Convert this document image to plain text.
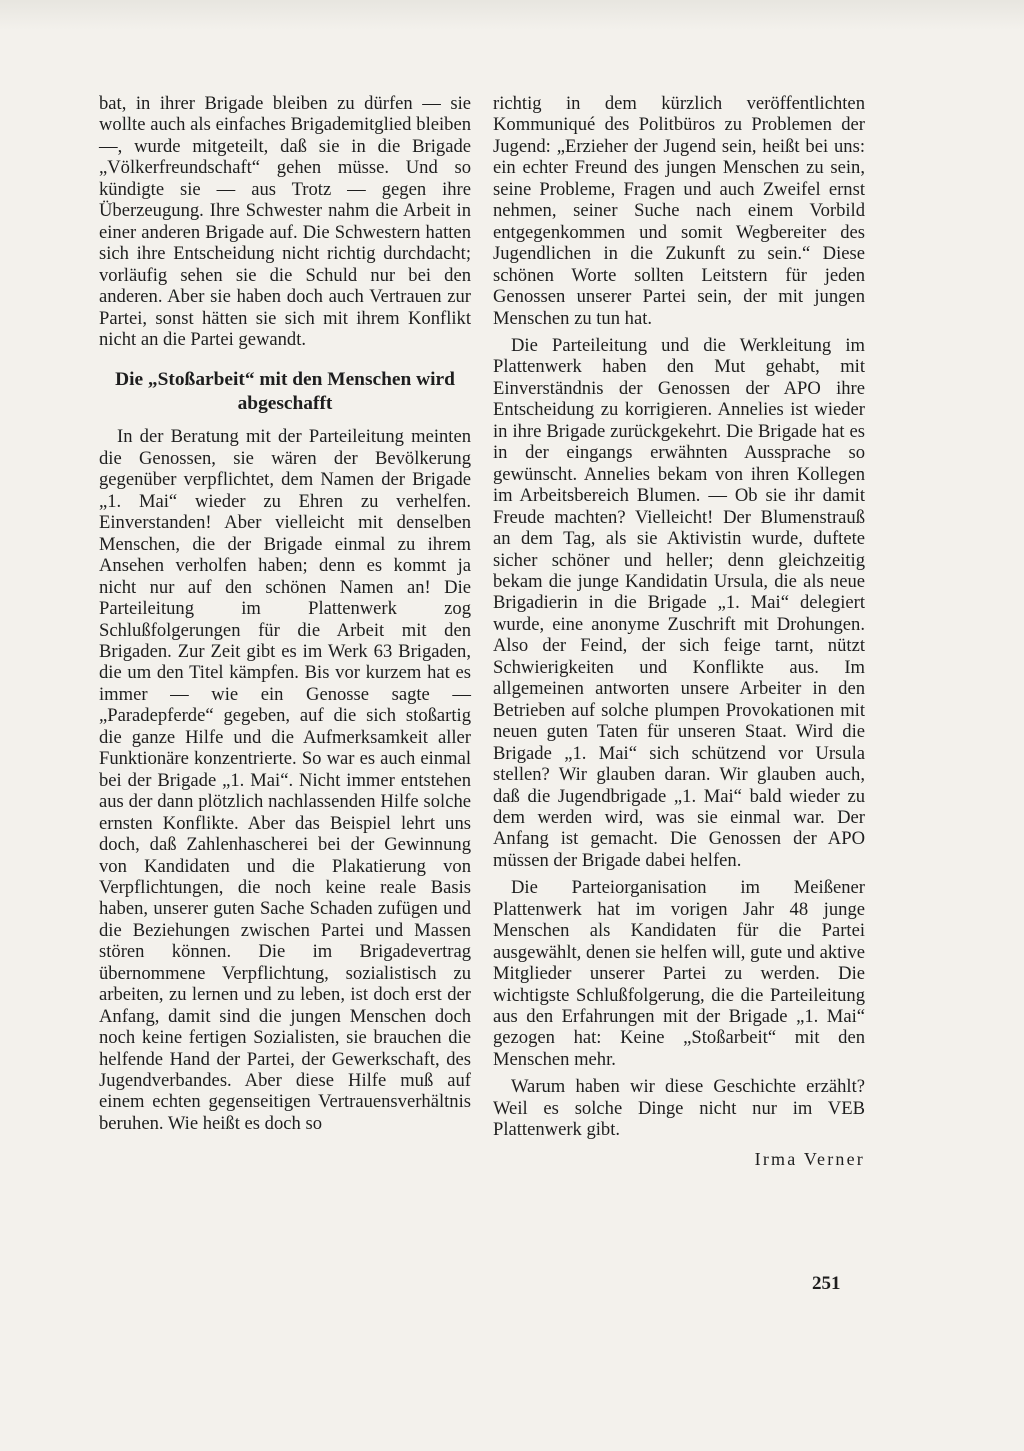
bat, in ihrer Brigade bleiben zu dürfen — sie wollte auch als einfaches Brigademitglied bleiben —, wurde mitgeteilt, daß sie in die Brigade „Völkerfreundschaft“ gehen müsse. Und so kündigte sie — aus Trotz — gegen ihre Überzeugung. Ihre Schwester nahm die Arbeit in einer anderen Brigade auf. Die Schwestern hatten sich ihre Entscheidung nicht richtig durchdacht; vorläufig sehen sie die Schuld nur bei den anderen. Aber sie haben doch auch Vertrauen zur Partei, sonst hätten sie sich mit ihrem Konflikt nicht an die Partei gewandt.

Die „Stoßarbeit“ mit den Menschen wird abgeschafft

In der Beratung mit der Parteileitung meinten die Genossen, sie wären der Bevölkerung gegenüber verpflichtet, dem Namen der Brigade „1. Mai“ wieder zu Ehren zu verhelfen. Einverstanden! Aber vielleicht mit denselben Menschen, die der Brigade einmal zu ihrem Ansehen verholfen haben; denn es kommt ja nicht nur auf den schönen Namen an! Die Parteileitung im Plattenwerk zog Schlußfolgerungen für die Arbeit mit den Brigaden. Zur Zeit gibt es im Werk 63 Brigaden, die um den Titel kämpfen. Bis vor kurzem hat es immer — wie ein Genosse sagte — „Paradepferde“ gegeben, auf die sich stoßartig die ganze Hilfe und die Aufmerksamkeit aller Funktionäre konzentrierte. So war es auch einmal bei der Brigade „1. Mai“. Nicht immer entstehen aus der dann plötzlich nachlassenden Hilfe solche ernsten Konflikte. Aber das Beispiel lehrt uns doch, daß Zahlenhascherei bei der Gewinnung von Kandidaten und die Plakatierung von Verpflichtungen, die noch keine reale Basis haben, unserer guten Sache Schaden zufügen und die Beziehungen zwischen Partei und Massen stören können. Die im Brigadevertrag übernommene Verpflichtung, sozialistisch zu arbeiten, zu lernen und zu leben, ist doch erst der Anfang, damit sind die jungen Menschen doch noch keine fertigen Sozialisten, sie brauchen die helfende Hand der Partei, der Gewerkschaft, des Jugendverbandes. Aber diese Hilfe muß auf einem echten gegenseitigen Vertrauensverhältnis beruhen. Wie heißt es doch so

richtig in dem kürzlich veröffentlichten Kommuniqué des Politbüros zu Problemen der Jugend: „Erzieher der Jugend sein, heißt bei uns: ein echter Freund des jungen Menschen zu sein, seine Probleme, Fragen und auch Zweifel ernst nehmen, seiner Suche nach einem Vorbild entgegenkommen und somit Wegbereiter des Jugendlichen in die Zukunft zu sein.“ Diese schönen Worte sollten Leitstern für jeden Genossen unserer Partei sein, der mit jungen Menschen zu tun hat.

Die Parteileitung und die Werkleitung im Plattenwerk haben den Mut gehabt, mit Einverständnis der Genossen der APO ihre Entscheidung zu korrigieren. Annelies ist wieder in ihre Brigade zurückgekehrt. Die Brigade hat es in der eingangs erwähnten Aussprache so gewünscht. Annelies bekam von ihren Kollegen im Arbeitsbereich Blumen. — Ob sie ihr damit Freude machten? Vielleicht! Der Blumenstrauß an dem Tag, als sie Aktivistin wurde, duftete sicher schöner und heller; denn gleichzeitig bekam die junge Kandidatin Ursula, die als neue Brigadierin in die Brigade „1. Mai“ delegiert wurde, eine anonyme Zuschrift mit Drohungen. Also der Feind, der sich feige tarnt, nützt Schwierigkeiten und Konflikte aus. Im allgemeinen antworten unsere Arbeiter in den Betrieben auf solche plumpen Provokationen mit neuen guten Taten für unseren Staat. Wird die Brigade „1. Mai“ sich schützend vor Ursula stellen? Wir glauben daran. Wir glauben auch, daß die Jugendbrigade „1. Mai“ bald wieder zu dem werden wird, was sie einmal war. Der Anfang ist gemacht. Die Genossen der APO müssen der Brigade dabei helfen.

Die Parteiorganisation im Meißener Plattenwerk hat im vorigen Jahr 48 junge Menschen als Kandidaten für die Partei ausgewählt, denen sie helfen will, gute und aktive Mitglieder unserer Partei zu werden. Die wichtigste Schlußfolgerung, die die Parteileitung aus den Erfahrungen mit der Brigade „1. Mai“ gezogen hat: Keine „Stoßarbeit“ mit den Menschen mehr.

Warum haben wir diese Geschichte erzählt? Weil es solche Dinge nicht nur im VEB Plattenwerk gibt.

Irma Verner
251
